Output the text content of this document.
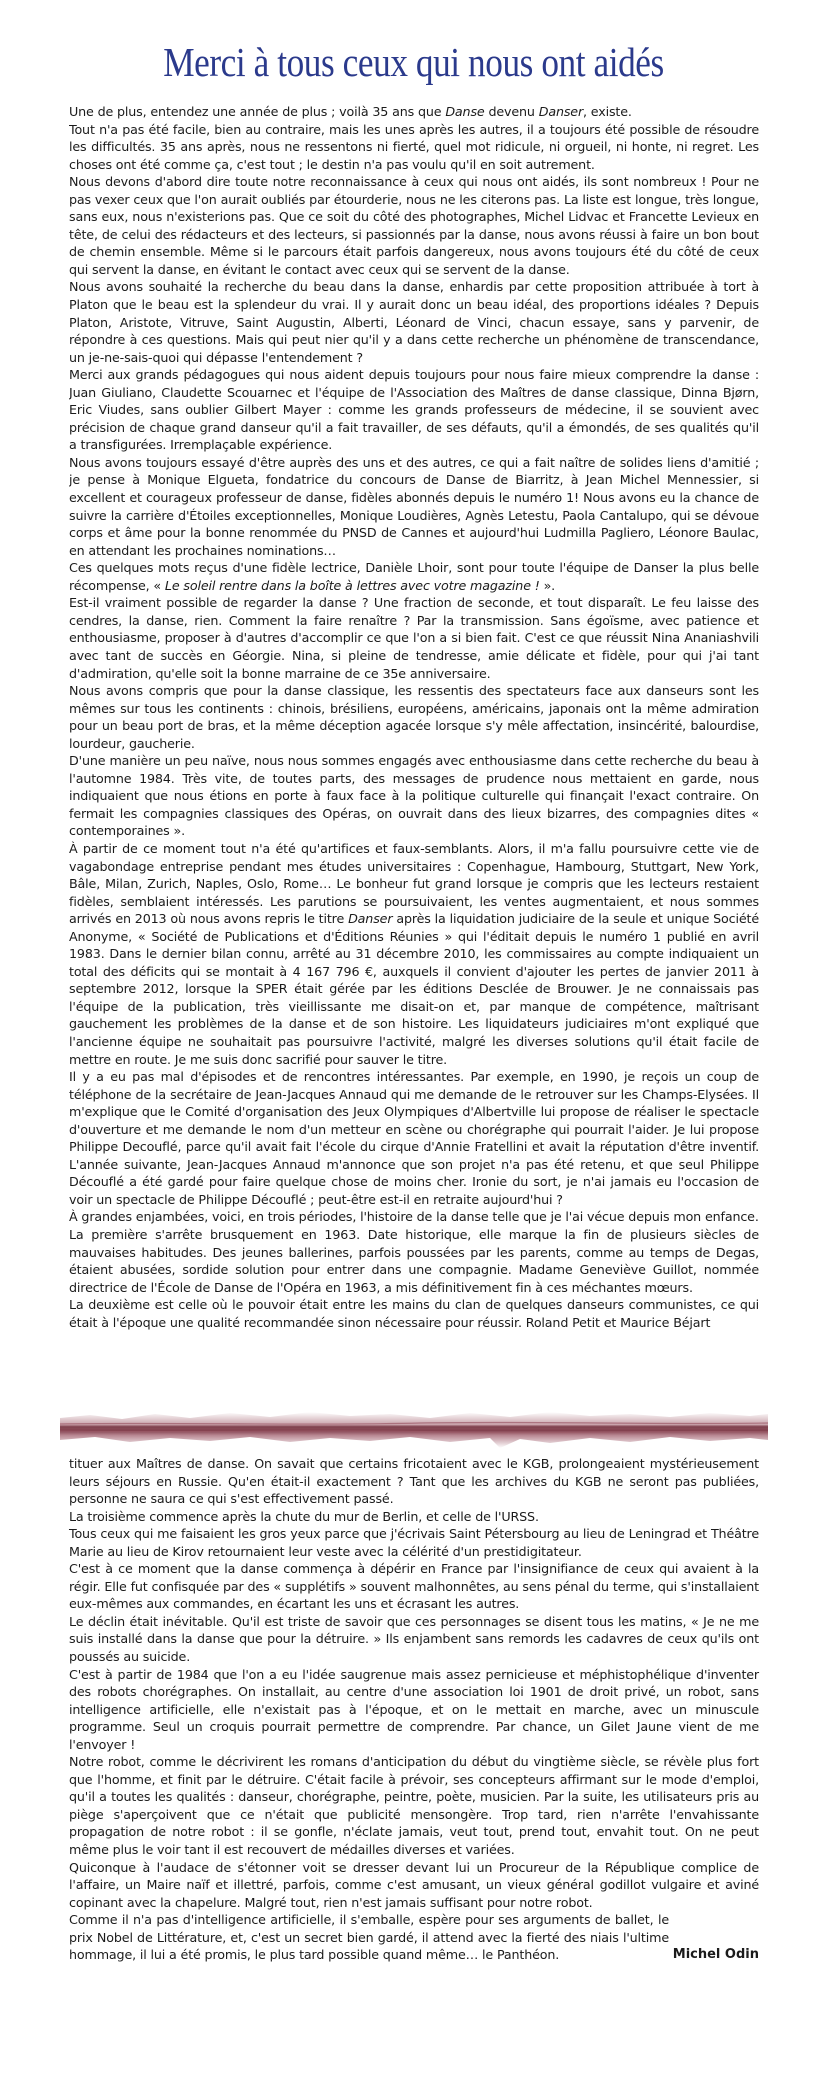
Merci à tous ceux qui nous ont aidés

Une de plus, entendez une année de plus ; voilà 35 ans que Danse devenu Danser, existe.

Tout n'a pas été facile, bien au contraire, mais les unes après les autres, il a toujours été possible de résoudre les difficultés. 35 ans après, nous ne ressentons ni fierté, quel mot ridicule, ni orgueil, ni honte, ni regret. Les choses ont été comme ça, c'est tout ; le destin n'a pas voulu qu'il en soit autrement.

Nous devons d'abord dire toute notre reconnaissance à ceux qui nous ont aidés, ils sont nombreux ! Pour ne pas vexer ceux que l'on aurait oubliés par étourderie, nous ne les citerons pas. La liste est longue, très longue, sans eux, nous n'existerions pas. Que ce soit du côté des photographes, Michel Lidvac et Francette Levieux en tête, de celui des rédacteurs et des lecteurs, si passionnés par la danse, nous avons réussi à faire un bon bout de chemin ensemble. Même si le parcours était parfois dangereux, nous avons toujours été du côté de ceux qui servent la danse, en évitant le contact avec ceux qui se servent de la danse.

Nous avons souhaité la recherche du beau dans la danse, enhardis par cette proposition attribuée à tort à Platon que le beau est la splendeur du vrai. Il y aurait donc un beau idéal, des proportions idéales ? Depuis Platon, Aristote, Vitruve, Saint Augustin, Alberti, Léonard de Vinci, chacun essaye, sans y parvenir, de répondre à ces questions. Mais qui peut nier qu'il y a dans cette recherche un phénomène de transcendance, un je-ne-sais-quoi qui dépasse l'entendement ?

Merci aux grands pédagogues qui nous aident depuis toujours pour nous faire mieux comprendre la danse : Juan Giuliano, Claudette Scouarnec et l'équipe de l'Association des Maîtres de danse classique, Dinna Bjørn, Eric Viudes, sans oublier Gilbert Mayer : comme les grands professeurs de médecine, il se souvient avec précision de chaque grand danseur qu'il a fait travailler, de ses défauts, qu'il a émondés, de ses qualités qu'il a transfigurées. Irremplaçable expérience.

Nous avons toujours essayé d'être auprès des uns et des autres, ce qui a fait naître de solides liens d'amitié ; je pense à Monique Elgueta, fondatrice du concours de Danse de Biarritz, à Jean Michel Mennessier, si excellent et courageux professeur de danse, fidèles abonnés depuis le numéro 1! Nous avons eu la chance de suivre la carrière d'Étoiles exceptionnelles, Monique Loudières, Agnès Letestu, Paola Cantalupo, qui se dévoue corps et âme pour la bonne renommée du PNSD de Cannes et aujourd'hui Ludmilla Pagliero, Léonore Baulac, en attendant les prochaines nominations…

Ces quelques mots reçus d'une fidèle lectrice, Danièle Lhoir, sont pour toute l'équipe de Danser la plus belle récompense, « Le soleil rentre dans la boîte à lettres avec votre magazine ! ».

Est-il vraiment possible de regarder la danse ? Une fraction de seconde, et tout disparaît. Le feu laisse des cendres, la danse, rien. Comment la faire renaître ? Par la transmission. Sans égoïsme, avec patience et enthousiasme, proposer à d'autres d'accomplir ce que l'on a si bien fait. C'est ce que réussit Nina Ananiashvili avec tant de succès en Géorgie. Nina, si pleine de tendresse, amie délicate et fidèle, pour qui j'ai tant d'admiration, qu'elle soit la bonne marraine de ce 35e anniversaire.

Nous avons compris que pour la danse classique, les ressentis des spectateurs face aux danseurs sont les mêmes sur tous les continents : chinois, brésiliens, européens, américains, japonais ont la même admiration pour un beau port de bras, et la même déception agacée lorsque s'y mêle affectation, insincérité, balourdise, lourdeur, gaucherie.

D'une manière un peu naïve, nous nous sommes engagés avec enthousiasme dans cette recherche du beau à l'automne 1984. Très vite, de toutes parts, des messages de prudence nous mettaient en garde, nous indiquaient que nous étions en porte à faux face à la politique culturelle qui finançait l'exact contraire. On fermait les compagnies classiques des Opéras, on ouvrait dans des lieux bizarres, des compagnies dites « contemporaines ».

À partir de ce moment tout n'a été qu'artifices et faux-semblants. Alors, il m'a fallu poursuivre cette vie de vagabondage entreprise pendant mes études universitaires : Copenhague, Hambourg, Stuttgart, New York, Bâle, Milan, Zurich, Naples, Oslo, Rome… Le bonheur fut grand lorsque je compris que les lecteurs restaient fidèles, semblaient intéressés. Les parutions se poursuivaient, les ventes augmentaient, et nous sommes arrivés en 2013 où nous avons repris le titre Danser après la liquidation judiciaire de la seule et unique Société Anonyme, « Société de Publications et d'Éditions Réunies » qui l'éditait depuis le numéro 1 publié en avril 1983. Dans le dernier bilan connu, arrêté au 31 décembre 2010, les commissaires au compte indiquaient un total des déficits qui se montait à 4 167 796 €, auxquels il convient d'ajouter les pertes de janvier 2011 à septembre 2012, lorsque la SPER était gérée par les éditions Desclée de Brouwer. Je ne connaissais pas l'équipe de la publication, très vieillissante me disait-on et, par manque de compétence, maîtrisant gauchement les problèmes de la danse et de son histoire. Les liquidateurs judiciaires m'ont expliqué que l'ancienne équipe ne souhaitait pas poursuivre l'activité, malgré les diverses solutions qu'il était facile de mettre en route. Je me suis donc sacrifié pour sauver le titre.

Il y a eu pas mal d'épisodes et de rencontres intéressantes. Par exemple, en 1990, je reçois un coup de téléphone de la secrétaire de Jean-Jacques Annaud qui me demande de le retrouver sur les Champs-Elysées. Il m'explique que le Comité d'organisation des Jeux Olympiques d'Albertville lui propose de réaliser le spectacle d'ouverture et me demande le nom d'un metteur en scène ou chorégraphe qui pourrait l'aider. Je lui propose Philippe Decouflé, parce qu'il avait fait l'école du cirque d'Annie Fratellini et avait la réputation d'être inventif. L'année suivante, Jean-Jacques Annaud m'annonce que son projet n'a pas été retenu, et que seul Philippe Découflé a été gardé pour faire quelque chose de moins cher. Ironie du sort, je n'ai jamais eu l'occasion de voir un spectacle de Philippe Découflé ; peut-être est-il en retraite aujourd'hui ?

À grandes enjambées, voici, en trois périodes, l'histoire de la danse telle que je l'ai vécue depuis mon enfance.

La première s'arrête brusquement en 1963. Date historique, elle marque la fin de plusieurs siècles de mauvaises habitudes. Des jeunes ballerines, parfois poussées par les parents, comme au temps de Degas, étaient abusées, sordide solution pour entrer dans une compagnie. Madame Geneviève Guillot, nommée directrice de l'École de Danse de l'Opéra en 1963, a mis définitivement fin à ces méchantes mœurs.

La deuxième est celle où le pouvoir était entre les mains du clan de quelques danseurs communistes, ce qui était à l'époque une qualité recommandée sinon nécessaire pour réussir. Roland Petit et Maurice Béjart

tituer aux Maîtres de danse. On savait que certains fricotaient avec le KGB, prolongeaient mystérieusement leurs séjours en Russie. Qu'en était-il exactement ? Tant que les archives du KGB ne seront pas publiées, personne ne saura ce qui s'est effectivement passé.

La troisième commence après la chute du mur de Berlin, et celle de l'URSS.

Tous ceux qui me faisaient les gros yeux parce que j'écrivais Saint Pétersbourg au lieu de Leningrad et Théâtre Marie au lieu de Kirov retournaient leur veste avec la célérité d'un prestidigitateur.

C'est à ce moment que la danse commença à dépérir en France par l'insignifiance de ceux qui avaient à la régir. Elle fut confisquée par des « supplétifs » souvent malhonnêtes, au sens pénal du terme, qui s'installaient eux-mêmes aux commandes, en écartant les uns et écrasant les autres.

Le déclin était inévitable. Qu'il est triste de savoir que ces personnages se disent tous les matins, « Je ne me suis installé dans la danse que pour la détruire. » Ils enjambent sans remords les cadavres de ceux qu'ils ont poussés au suicide.

C'est à partir de 1984 que l'on a eu l'idée saugrenue mais assez pernicieuse et méphistophélique d'inventer des robots chorégraphes. On installait, au centre d'une association loi 1901 de droit privé, un robot, sans intelligence artificielle, elle n'existait pas à l'époque, et on le mettait en marche, avec un minuscule programme. Seul un croquis pourrait permettre de comprendre. Par chance, un Gilet Jaune vient de me l'envoyer !

Notre robot, comme le décrivirent les romans d'anticipation du début du vingtième siècle, se révèle plus fort que l'homme, et finit par le détruire. C'était facile à prévoir, ses concepteurs affirmant sur le mode d'emploi, qu'il a toutes les qualités : danseur, chorégraphe, peintre, poète, musicien. Par la suite, les utilisateurs pris au piège s'aperçoivent que ce n'était que publicité mensongère. Trop tard, rien n'arrête l'envahissante propagation de notre robot : il se gonfle, n'éclate jamais, veut tout, prend tout, envahit tout. On ne peut même plus le voir tant il est recouvert de médailles diverses et variées.

Quiconque à l'audace de s'étonner voit se dresser devant lui un Procureur de la République complice de l'affaire, un Maire naïf et illettré, parfois, comme c'est amusant, un vieux général godillot vulgaire et aviné copinant avec la chapelure. Malgré tout, rien n'est jamais suffisant pour notre robot.

Comme il n'a pas d'intelligence artificielle, il s'emballe, espère pour ses arguments de ballet, le prix Nobel de Littérature, et, c'est un secret bien gardé, il attend avec la fierté des niais l'ultime hommage, il lui a été promis, le plus tard possible quand même… le Panthéon.	Michel Odin
